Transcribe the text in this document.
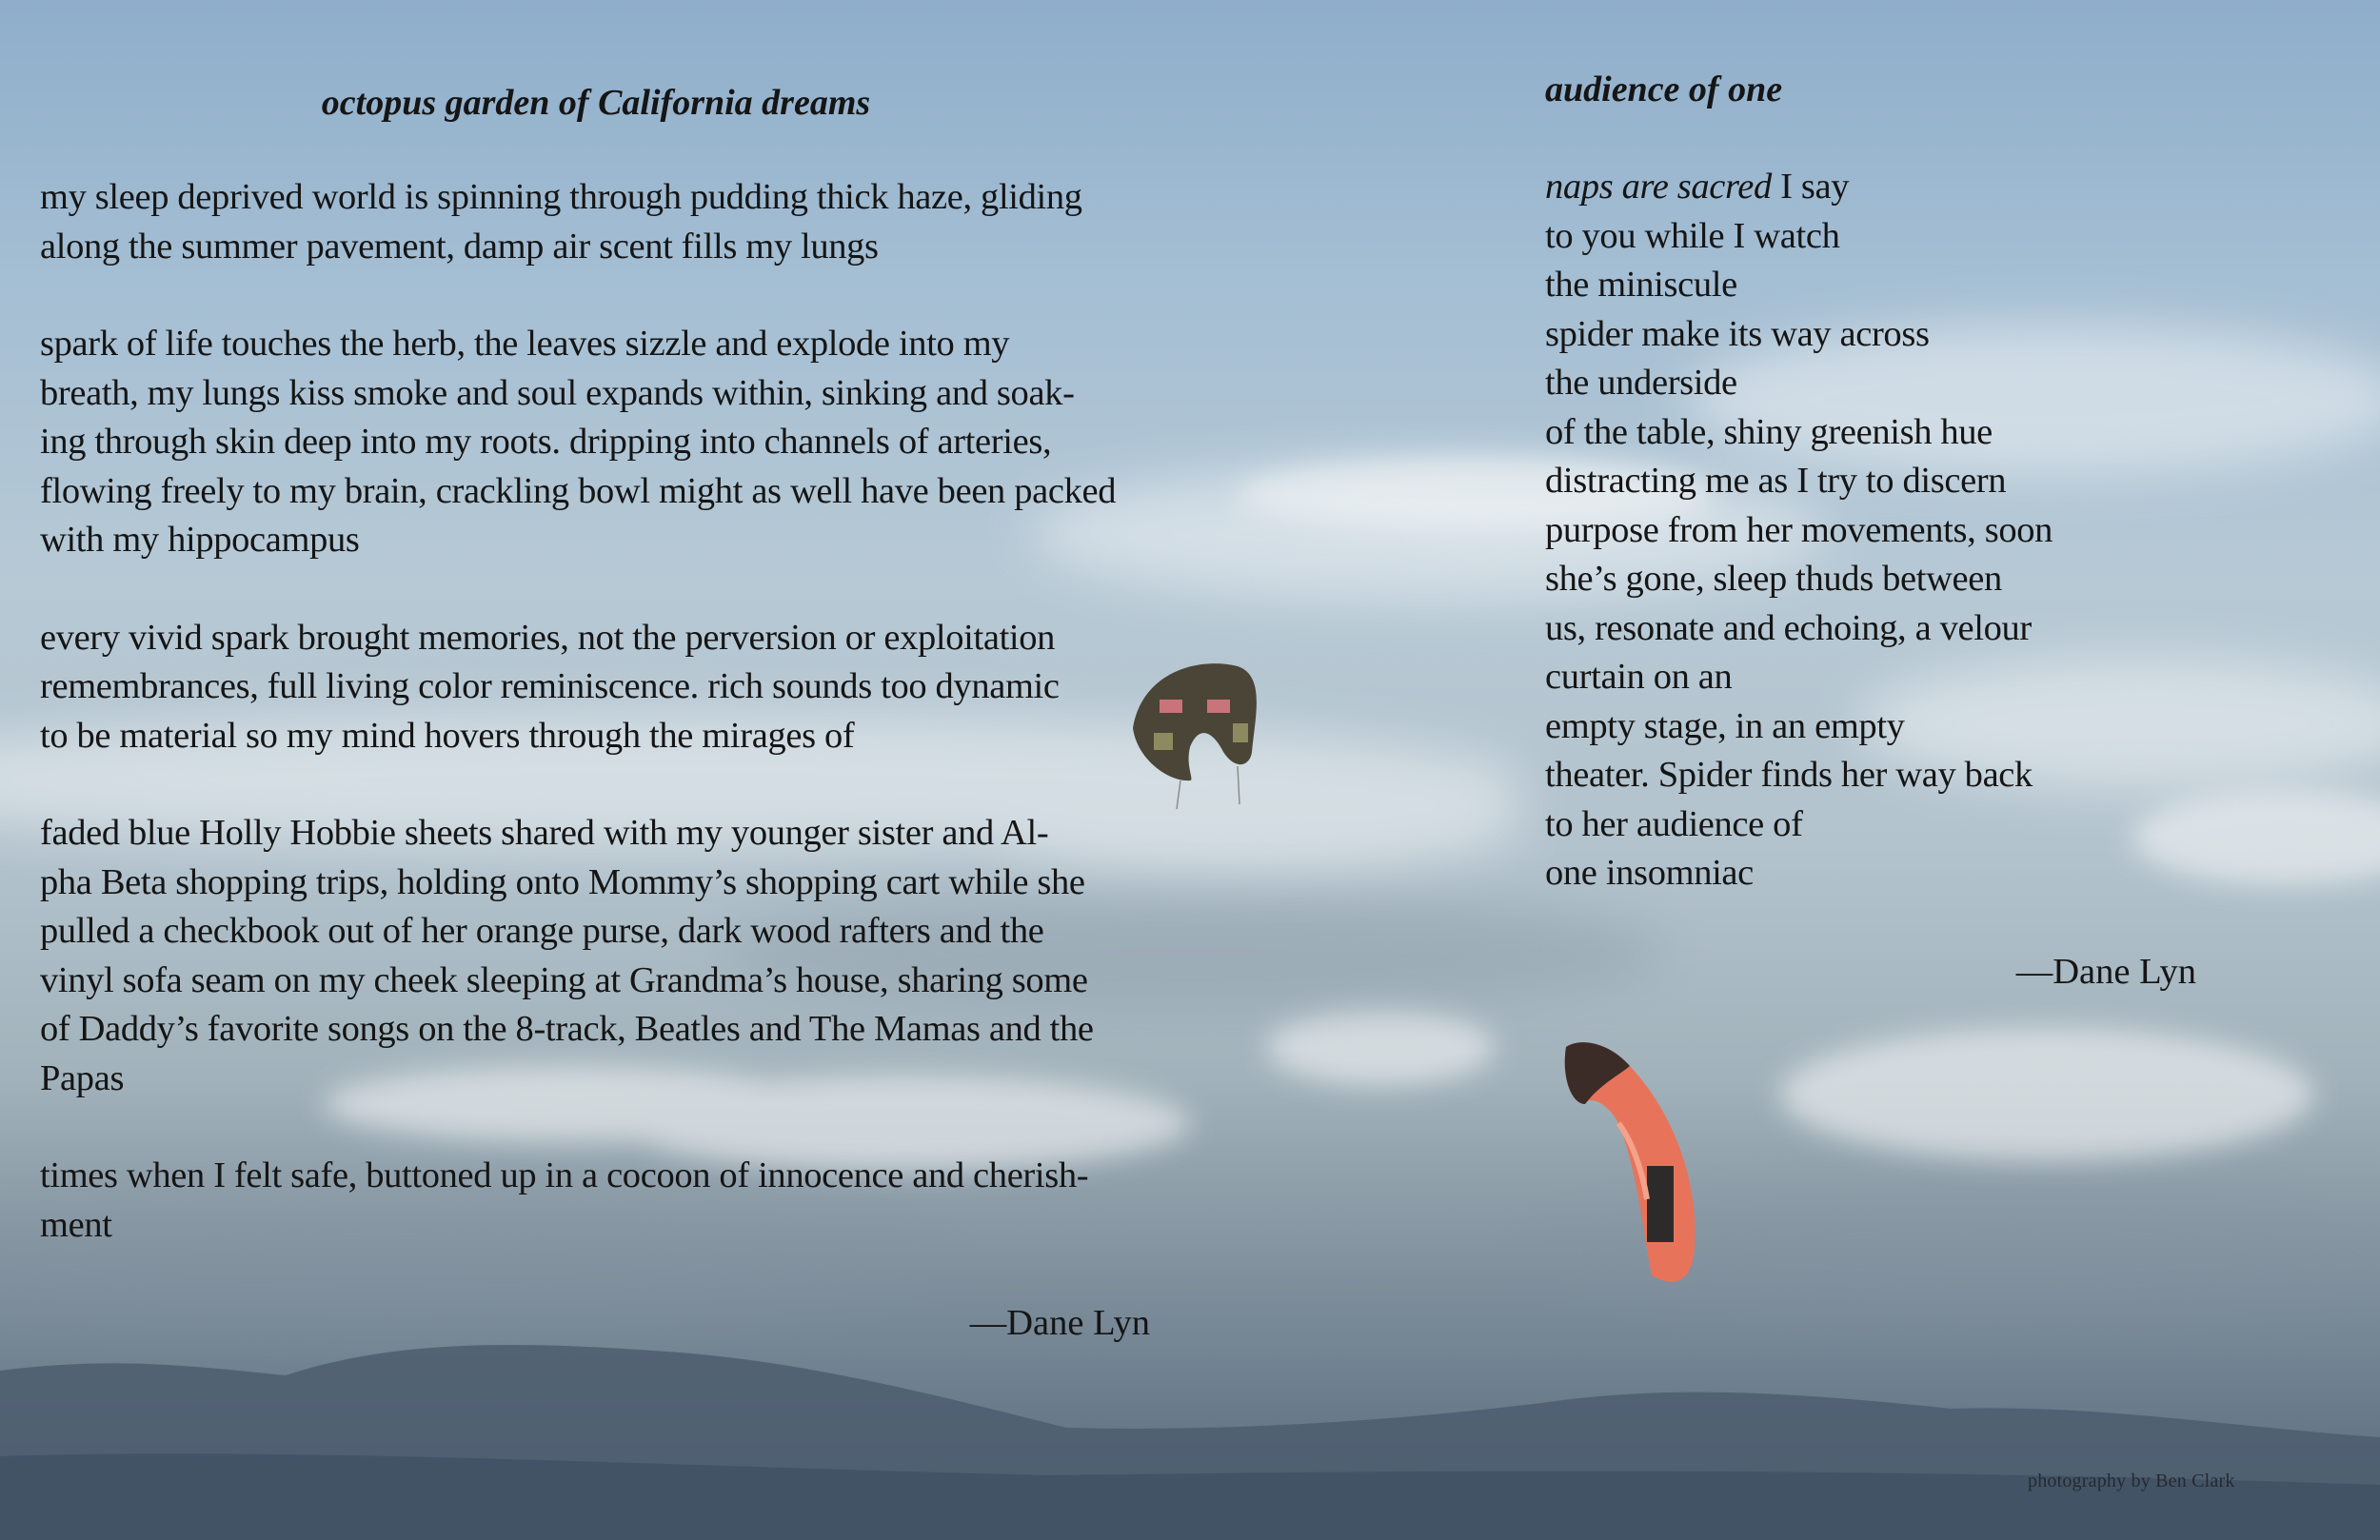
octopus garden of California dreams

my sleep deprived world is spinning through pudding thick haze, gliding
along the summer pavement, damp air scent fills my lungs

spark of life touches the herb, the leaves sizzle and explode into my
breath, my lungs kiss smoke and soul expands within, sinking and soak-
ing through skin deep into my roots. dripping into channels of arteries,
flowing freely to my brain, crackling bowl might as well have been packed
with my hippocampus

every vivid spark brought memories, not the perversion or exploitation
remembrances, full living color reminiscence. rich sounds too dynamic
to be material so my mind hovers through the mirages of

faded blue Holly Hobbie sheets shared with my younger sister and Al-
pha Beta shopping trips, holding onto Mommy’s shopping cart while she
pulled a checkbook out of her orange purse, dark wood rafters and the
vinyl sofa seam on my cheek sleeping at Grandma’s house, sharing some
of Daddy’s favorite songs on the 8-track, Beatles and The Mamas and the
Papas

times when I felt safe, buttoned up in a cocoon of innocence and cherish-
ment

—Dane Lyn
audience of one

naps are sacred I say
to you while I watch
the miniscule
spider make its way across
the underside
of the table, shiny greenish hue
distracting me as I try to discern
purpose from her movements, soon
she’s gone, sleep thuds between
us, resonate and echoing, a velour
curtain on an
empty stage, in an empty
theater. Spider finds her way back
to her audience of
one insomniac

—Dane Lyn
photography by Ben Clark
